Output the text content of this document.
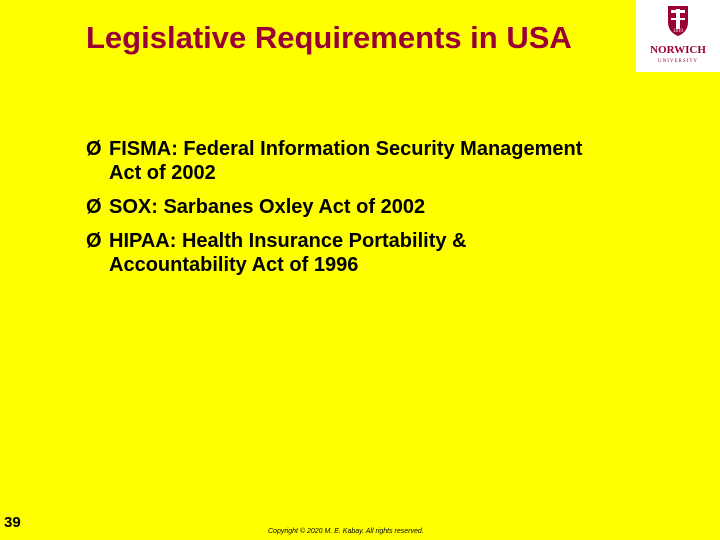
Legislative Requirements in USA	1819
NORWICH
UNIVERSITY
Ø FISMA: Federal Information Security Management Act of 2002
Ø SOX: Sarbanes Oxley Act of 2002
Ø HIPAA: Health Insurance Portability & Accountability Act of 1996
39
Copyright © 2020 M. E. Kabay. All rights reserved.
